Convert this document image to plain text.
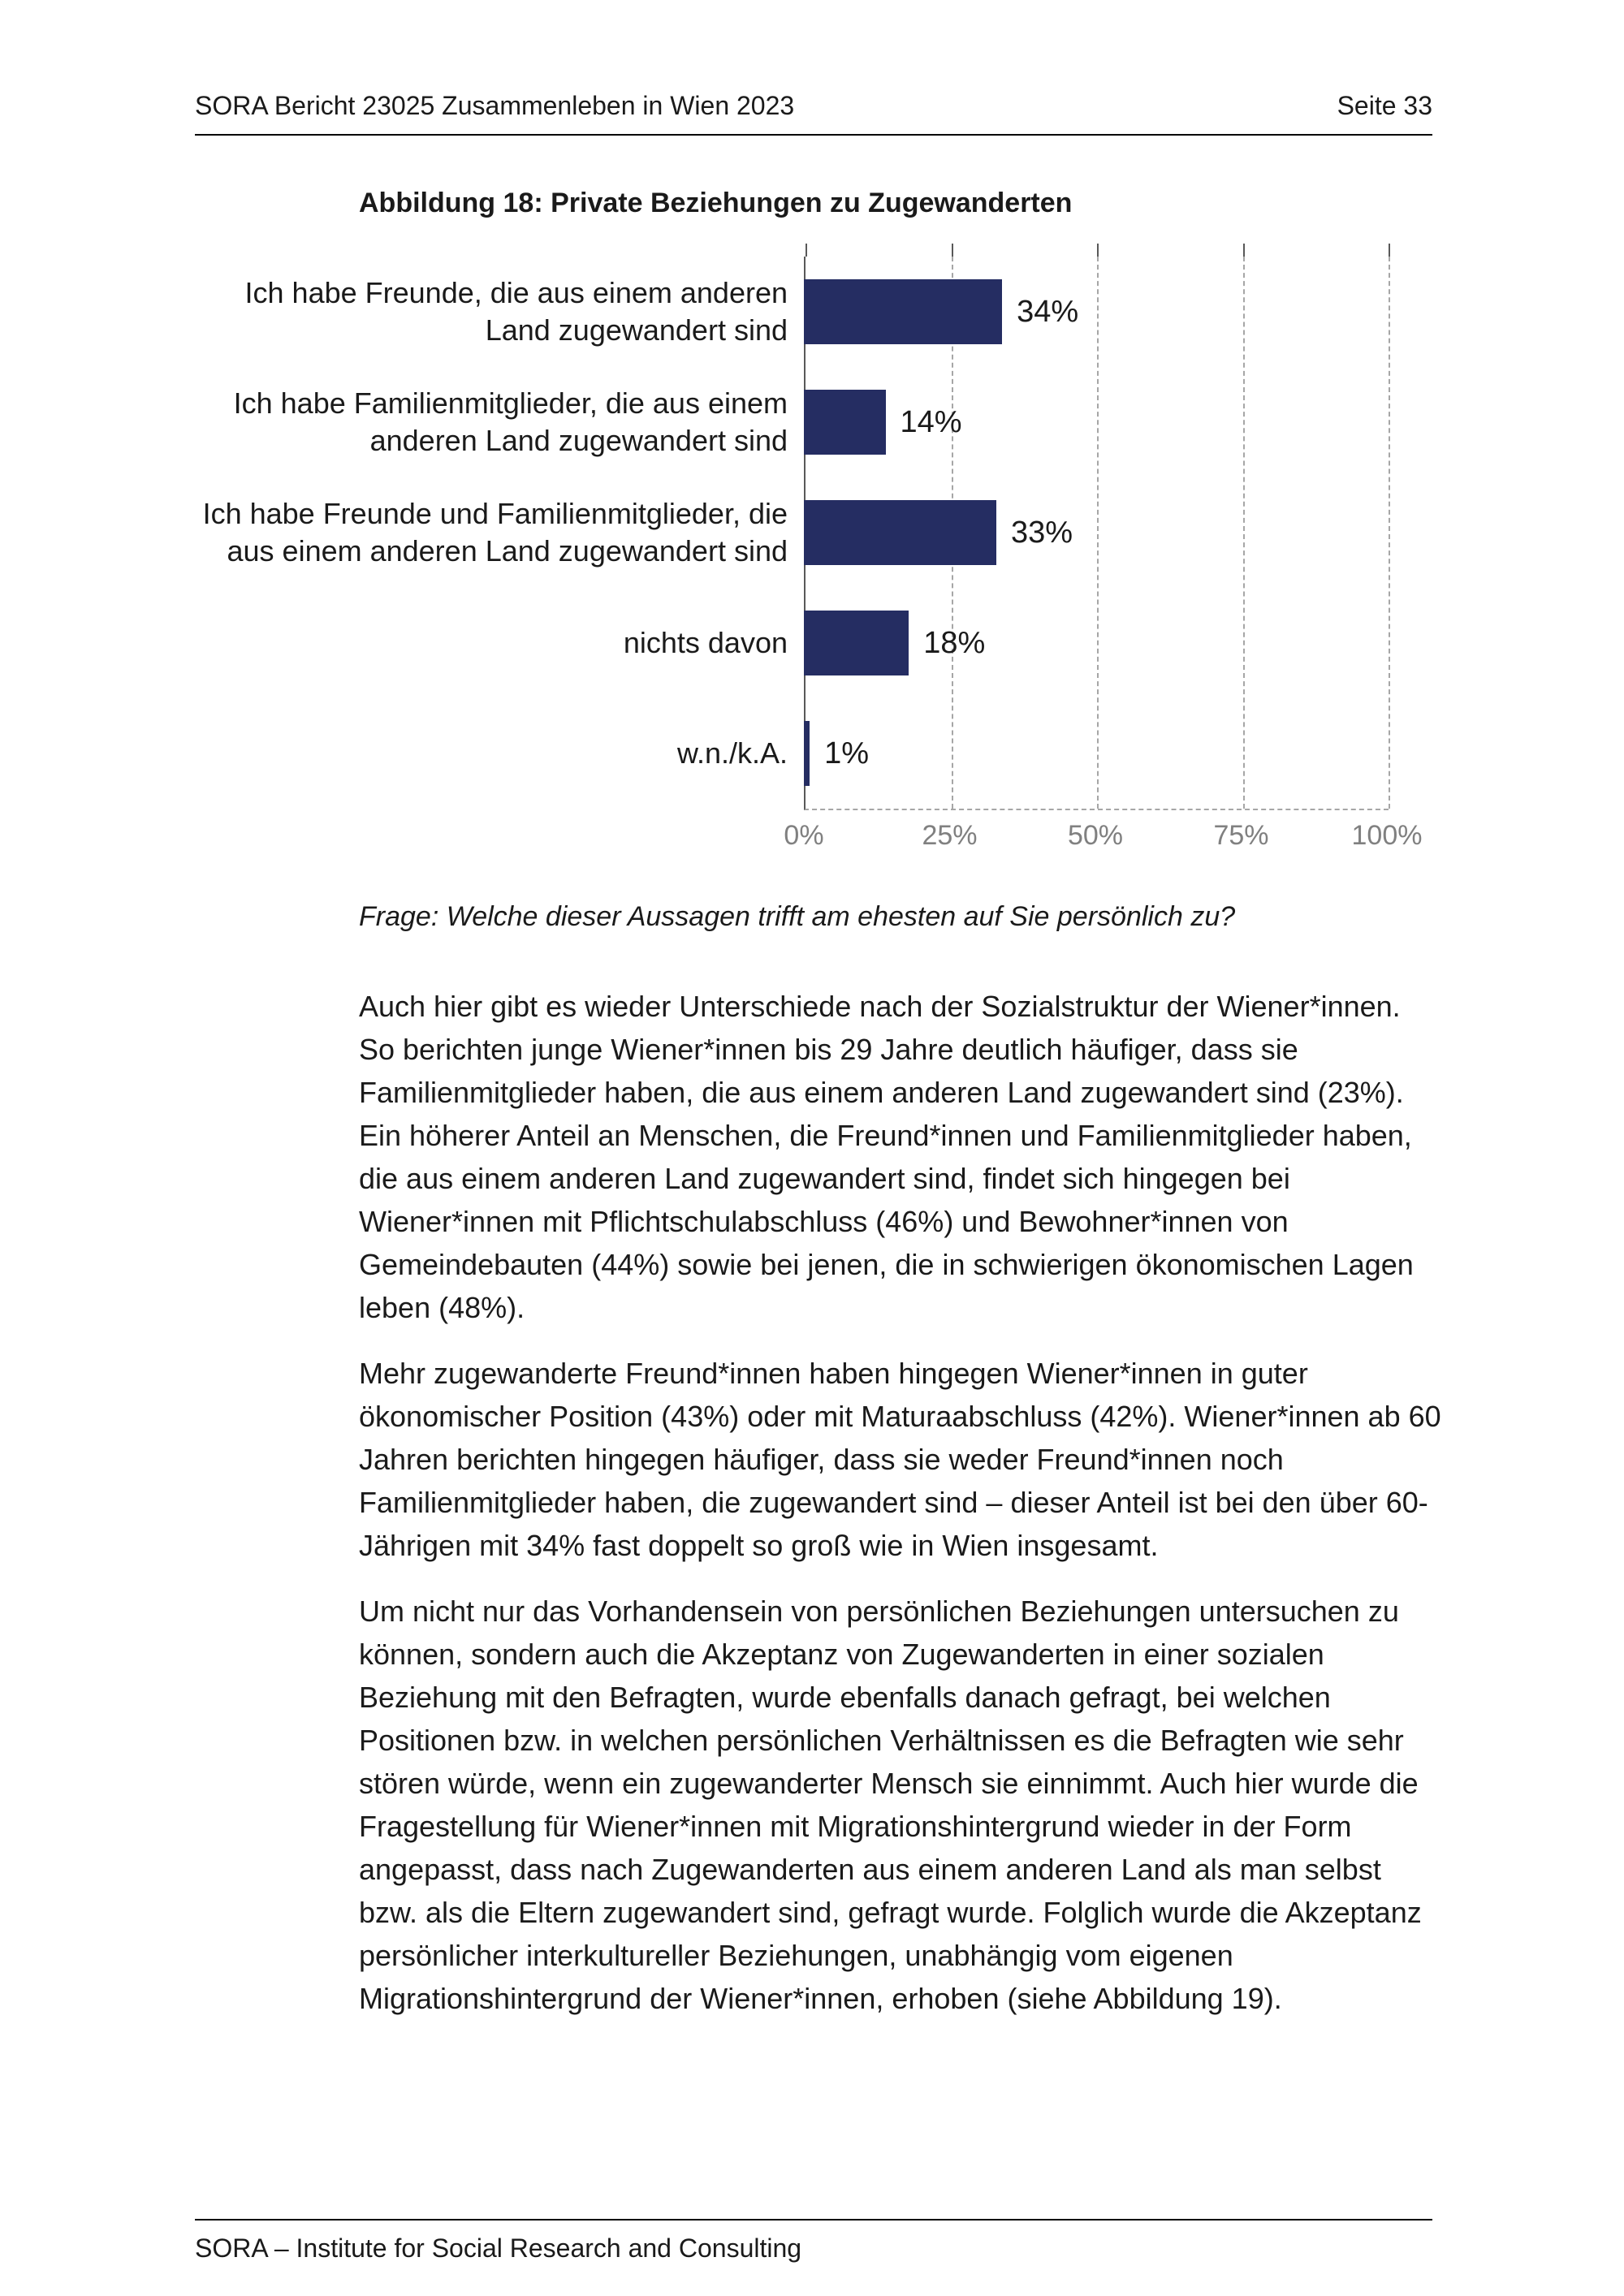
SORA Bericht 23025 Zusammenleben in Wien 2023	Seite 33
Abbildung 18: Private Beziehungen zu Zugewanderten
Ich habe Freunde, die aus einem anderen Land zugewandert sind
34%
Ich habe Familienmitglieder, die aus einem anderen Land zugewandert sind
14%
Ich habe Freunde und Familienmitglieder, die aus einem anderen Land zugewandert sind
33%
nichts davon	18%
w.n./k.A. 1%
0%	25%	50%	75%	100%

Frage: Welche dieser Aussagen trifft am ehesten auf Sie persönlich zu?

Auch hier gibt es wieder Unterschiede nach der Sozialstruktur der Wiener*innen. So berichten junge Wiener*innen bis 29 Jahre deutlich häufiger, dass sie Familienmitglieder haben, die aus einem anderen Land zugewandert sind (23%). Ein höherer Anteil an Menschen, die Freund*innen und Familienmitglieder haben, die aus einem anderen Land zugewandert sind, findet sich hingegen bei Wiener*innen mit Pflichtschulabschluss (46%) und Bewohner*innen von Gemeindebauten (44%) sowie bei jenen, die in schwierigen ökonomischen Lagen leben (48%).

Mehr zugewanderte Freund*innen haben hingegen Wiener*innen in guter ökonomischer Position (43%) oder mit Maturaabschluss (42%). Wiener*innen ab 60 Jahren berichten hingegen häufiger, dass sie weder Freund*innen noch Familienmitglieder haben, die zugewandert sind – dieser Anteil ist bei den über 60-Jährigen mit 34% fast doppelt so groß wie in Wien insgesamt.

Um nicht nur das Vorhandensein von persönlichen Beziehungen untersuchen zu können, sondern auch die Akzeptanz von Zugewanderten in einer sozialen Beziehung mit den Befragten, wurde ebenfalls danach gefragt, bei welchen Positionen bzw. in welchen persönlichen Verhältnissen es die Befragten wie sehr stören würde, wenn ein zugewanderter Mensch sie einnimmt. Auch hier wurde die Fragestellung für Wiener*innen mit Migrationshintergrund wieder in der Form angepasst, dass nach Zugewanderten aus einem anderen Land als man selbst bzw. als die Eltern zugewandert sind, gefragt wurde. Folglich wurde die Akzeptanz persönlicher interkultureller Beziehungen, unabhängig vom eigenen Migrationshintergrund der Wiener*innen, erhoben (siehe Abbildung 19).

SORA – Institute for Social Research and Consulting
